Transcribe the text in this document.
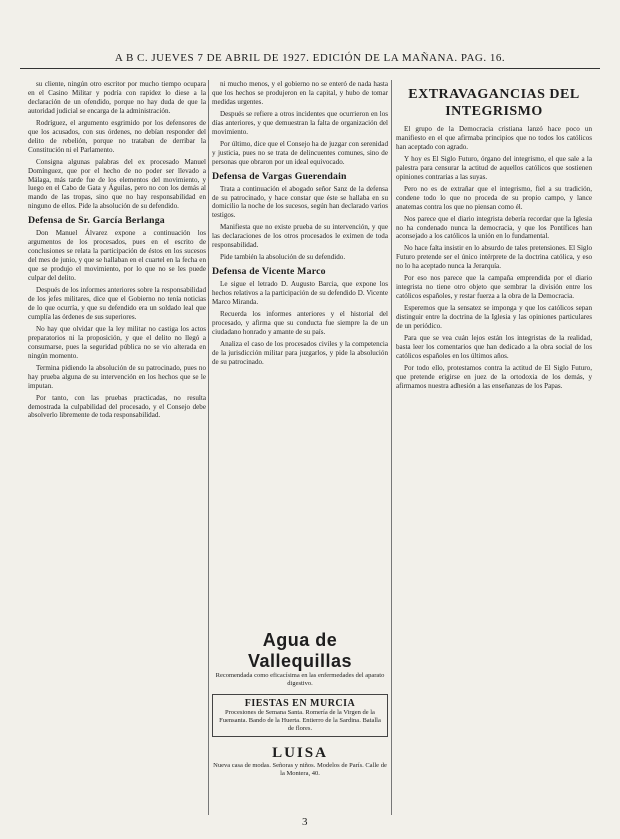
A B C. JUEVES 7 DE ABRIL DE 1927. EDICIÓN DE LA MAÑANA. PAG. 16.

su cliente, ningún otro escritor por mucho tiempo ocupara en el Casino Militar y podría con rapidez lo diese a la declaración de un ofendido, porque no hay duda de que la autoridad judicial se encarga de la administración.

Rodríguez, el argumento esgrimido por los defensores de que los acusados, con sus órdenes, no debían responder del delito de rebelión, porque no trataban de derribar la Constitución ni el Parlamento.

Consigna algunas palabras del ex procesado Manuel Domínguez, que por el hecho de no poder ser llevado a Málaga, más tarde fue de los elementos del movimiento, y luego en el Cabo de Gata y Águilas, pero no con los demás al mando de las tropas, sino que no hay responsabilidad en ninguno de ellos. Pide la absolución de su defendido.

Defensa de Sr. García Berlanga

Don Manuel Álvarez expone a continuación los argumentos de los procesados, pues en el escrito de conclusiones se relata la participación de éstos en los sucesos del mes de junio, y que se hallaban en el cuartel en la fecha en que se produjo el movimiento, por lo que no se les puede culpar del delito.

Después de los informes anteriores sobre la responsabilidad de los jefes militares, dice que el Gobierno no tenía noticias de lo que ocurría, y que su defendido era un soldado leal que cumplía las órdenes de sus superiores.

No hay que olvidar que la ley militar no castiga los actos preparatorios ni la proposición, y que el delito no llegó a consumarse, pues la seguridad pública no se vio alterada en ningún momento.

Termina pidiendo la absolución de su patrocinado, pues no hay prueba alguna de su intervención en los hechos que se le imputan.

Por tanto, con las pruebas practicadas, no resulta demostrada la culpabilidad del procesado, y el Consejo debe absolverlo libremente de toda responsabilidad.

ni mucho menos, y el gobierno no se enteró de nada hasta que los hechos se produjeron en la capital, y hubo de tomar medidas urgentes.

Después se refiere a otros incidentes que ocurrieron en los días anteriores, y que demuestran la falta de organización del movimiento.

Por último, dice que el Consejo ha de juzgar con serenidad y justicia, pues no se trata de delincuentes comunes, sino de personas que obraron por un ideal equivocado.

Defensa de Vargas Guerendain

Trata a continuación el abogado señor Sanz de la defensa de su patrocinado, y hace constar que éste se hallaba en su domicilio la noche de los sucesos, según han declarado varios testigos.

Manifiesta que no existe prueba de su intervención, y que las declaraciones de los otros procesados le eximen de toda responsabilidad.

Pide también la absolución de su defendido.

Defensa de Vicente Marco

Le sigue el letrado D. Augusto Barcia, que expone los hechos relativos a la participación de su defendido D. Vicente Marco Miranda.

Recuerda los informes anteriores y el historial del procesado, y afirma que su conducta fue siempre la de un ciudadano honrado y amante de su país.

Analiza el caso de los procesados civiles y la competencia de la jurisdicción militar para juzgarlos, y pide la absolución de su patrocinado.

Agua de Vallequillas
Recomendada como eficacísima en las enfermedades del aparato digestivo.
FIESTAS EN MURCIA
Procesiones de Semana Santa. Romería de la Virgen de la Fuensanta. Bando de la Huerta. Entierro de la Sardina. Batalla de flores.
LUISA
Nueva casa de modas. Señoras y niños. Modelos de París. Calle de la Montera, 40.
EXTRAVAGANCIAS DEL INTEGRISMO

El grupo de la Democracia cristiana lanzó hace poco un manifiesto en el que afirmaba principios que no todos los católicos han aceptado con agrado.

Y hoy es El Siglo Futuro, órgano del integrismo, el que sale a la palestra para censurar la actitud de aquellos católicos que sostienen opiniones contrarias a las suyas.

Pero no es de extrañar que el integrismo, fiel a su tradición, condene todo lo que no proceda de su propio campo, y lance anatemas contra los que no piensan como él.

Nos parece que el diario integrista debería recordar que la Iglesia no ha condenado nunca la democracia, y que los Pontífices han aconsejado a los católicos la unión en lo fundamental.

No hace falta insistir en lo absurdo de tales pretensiones. El Siglo Futuro pretende ser el único intérprete de la doctrina católica, y eso no lo ha aceptado nunca la Jerarquía.

Por eso nos parece que la campaña emprendida por el diario integrista no tiene otro objeto que sembrar la división entre los católicos españoles, y restar fuerza a la obra de la Democracia.

Esperemos que la sensatez se imponga y que los católicos sepan distinguir entre la doctrina de la Iglesia y las opiniones particulares de un periódico.

Para que se vea cuán lejos están los integristas de la realidad, basta leer los comentarios que han dedicado a la obra social de los católicos españoles en los últimos años.

Por todo ello, protestamos contra la actitud de El Siglo Futuro, que pretende erigirse en juez de la ortodoxia de los demás, y afirmamos nuestra adhesión a las enseñanzas de los Papas.

3
